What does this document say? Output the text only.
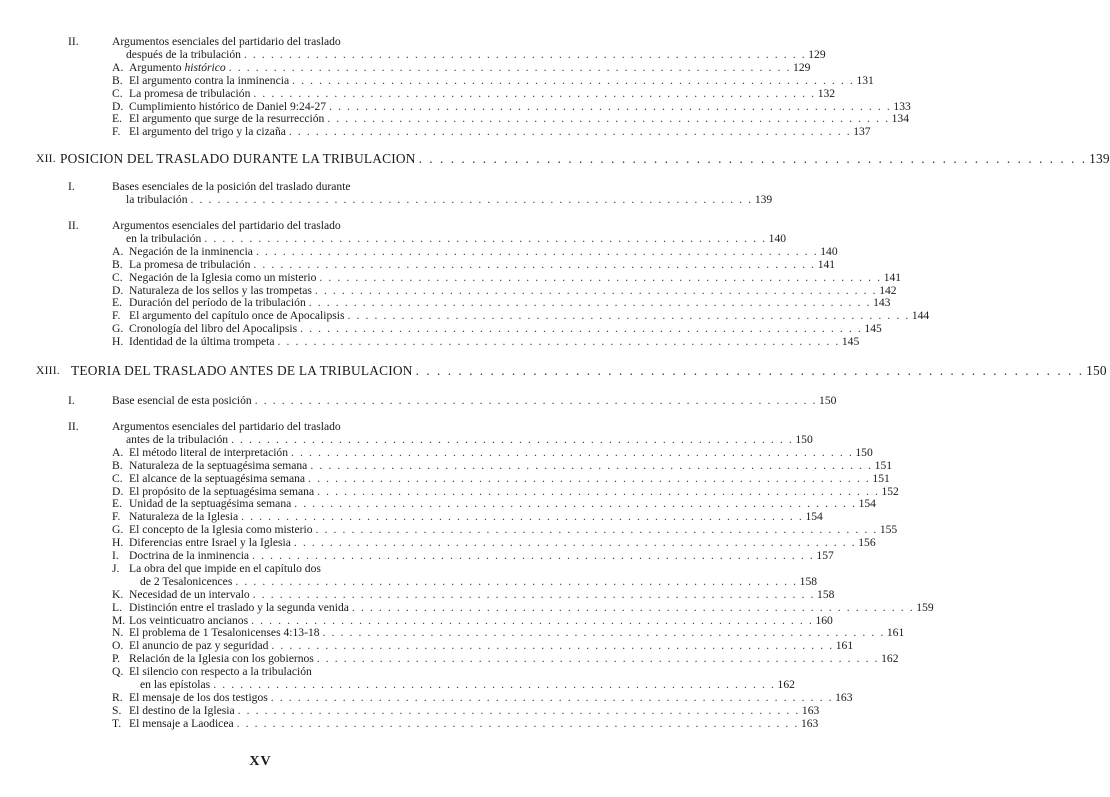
II.	Argumentos esenciales del partidario del traslado
después de la tribulación . . . . . . . . . . . . . . . . . . . . . . . . . . . . . . . . . . . . . . . . . . . . . . . . . . . . . . . . . . . . . . . 129
A. Argumento histórico . . . . . . . . . . . . . . . . . . . . . . . . . . . . . . . . . . . . . . . . . . . . . . . . . . . . . . . . . . . . . . . 129
B. El argumento contra la inminencia . . . . . . . . . . . . . . . . . . . . . . . . . . . . . . . . . . . . . . . . . . . . . . . . . . . . . . . . . . . . . . . 131
C. La promesa de tribulación . . . . . . . . . . . . . . . . . . . . . . . . . . . . . . . . . . . . . . . . . . . . . . . . . . . . . . . . . . . . . . . 132
D. Cumplimiento histórico de Daniel 9:24-27 . . . . . . . . . . . . . . . . . . . . . . . . . . . . . . . . . . . . . . . . . . . . . . . . . . . . . . . . . . . . . . . 133
E. El argumento que surge de la resurrección . . . . . . . . . . . . . . . . . . . . . . . . . . . . . . . . . . . . . . . . . . . . . . . . . . . . . . . . . . . . . . . 134
F. El argumento del trigo y la cizaña . . . . . . . . . . . . . . . . . . . . . . . . . . . . . . . . . . . . . . . . . . . . . . . . . . . . . . . . . . . . . . . 137
XII. POSICION DEL TRASLADO DURANTE LA TRIBULACION . . . . . . . . . . . . . . . . . . . . . . . . . . . . . . . . . . . . . . . . . . . . . . . . . . . . . . . . . . . . . . . 139
I.	Bases esenciales de la posición del traslado durante
la tribulación . . . . . . . . . . . . . . . . . . . . . . . . . . . . . . . . . . . . . . . . . . . . . . . . . . . . . . . . . . . . . . . 139
II.	Argumentos esenciales del partidario del traslado
en la tribulación . . . . . . . . . . . . . . . . . . . . . . . . . . . . . . . . . . . . . . . . . . . . . . . . . . . . . . . . . . . . . . . 140
A. Negación de la inminencia . . . . . . . . . . . . . . . . . . . . . . . . . . . . . . . . . . . . . . . . . . . . . . . . . . . . . . . . . . . . . . . 140
B. La promesa de tribulación . . . . . . . . . . . . . . . . . . . . . . . . . . . . . . . . . . . . . . . . . . . . . . . . . . . . . . . . . . . . . . . 141
C. Negación de la Iglesia como un misterio . . . . . . . . . . . . . . . . . . . . . . . . . . . . . . . . . . . . . . . . . . . . . . . . . . . . . . . . . . . . . . . 141
D. Naturaleza de los sellos y las trompetas . . . . . . . . . . . . . . . . . . . . . . . . . . . . . . . . . . . . . . . . . . . . . . . . . . . . . . . . . . . . . . . 142
E. Duración del período de la tribulación . . . . . . . . . . . . . . . . . . . . . . . . . . . . . . . . . . . . . . . . . . . . . . . . . . . . . . . . . . . . . . . 143
F. El argumento del capítulo once de Apocalipsis . . . . . . . . . . . . . . . . . . . . . . . . . . . . . . . . . . . . . . . . . . . . . . . . . . . . . . . . . . . . . . . 144
G. Cronología del libro del Apocalipsis . . . . . . . . . . . . . . . . . . . . . . . . . . . . . . . . . . . . . . . . . . . . . . . . . . . . . . . . . . . . . . . 145
H. Identidad de la última trompeta . . . . . . . . . . . . . . . . . . . . . . . . . . . . . . . . . . . . . . . . . . . . . . . . . . . . . . . . . . . . . . . 145
XIII. TEORIA DEL TRASLADO ANTES DE LA TRIBULACION . . . . . . . . . . . . . . . . . . . . . . . . . . . . . . . . . . . . . . . . . . . . . . . . . . . . . . . . . . . . . . . 150
I.	Base esencial de esta posición . . . . . . . . . . . . . . . . . . . . . . . . . . . . . . . . . . . . . . . . . . . . . . . . . . . . . . . . . . . . . . . 150
II.	Argumentos esenciales del partidario del traslado
antes de la tribulación . . . . . . . . . . . . . . . . . . . . . . . . . . . . . . . . . . . . . . . . . . . . . . . . . . . . . . . . . . . . . . . 150
A. El método literal de interpretación . . . . . . . . . . . . . . . . . . . . . . . . . . . . . . . . . . . . . . . . . . . . . . . . . . . . . . . . . . . . . . . 150
B. Naturaleza de la septuagésima semana . . . . . . . . . . . . . . . . . . . . . . . . . . . . . . . . . . . . . . . . . . . . . . . . . . . . . . . . . . . . . . . 151
C. El alcance de la septuagésima semana . . . . . . . . . . . . . . . . . . . . . . . . . . . . . . . . . . . . . . . . . . . . . . . . . . . . . . . . . . . . . . . 151
D. El propósito de la septuagésima semana . . . . . . . . . . . . . . . . . . . . . . . . . . . . . . . . . . . . . . . . . . . . . . . . . . . . . . . . . . . . . . . 152
E. Unidad de la septuagésima semana . . . . . . . . . . . . . . . . . . . . . . . . . . . . . . . . . . . . . . . . . . . . . . . . . . . . . . . . . . . . . . . 154
F. Naturaleza de la Iglesia . . . . . . . . . . . . . . . . . . . . . . . . . . . . . . . . . . . . . . . . . . . . . . . . . . . . . . . . . . . . . . . 154
G. El concepto de la Iglesia como misterio . . . . . . . . . . . . . . . . . . . . . . . . . . . . . . . . . . . . . . . . . . . . . . . . . . . . . . . . . . . . . . . 155
H. Diferencias entre Israel y la Iglesia . . . . . . . . . . . . . . . . . . . . . . . . . . . . . . . . . . . . . . . . . . . . . . . . . . . . . . . . . . . . . . . 156
I. Doctrina de la inminencia . . . . . . . . . . . . . . . . . . . . . . . . . . . . . . . . . . . . . . . . . . . . . . . . . . . . . . . . . . . . . . . 157
J. La obra del que impide en el capítulo dos
de 2 Tesalonicences . . . . . . . . . . . . . . . . . . . . . . . . . . . . . . . . . . . . . . . . . . . . . . . . . . . . . . . . . . . . . . . 158
K. Necesidad de un intervalo . . . . . . . . . . . . . . . . . . . . . . . . . . . . . . . . . . . . . . . . . . . . . . . . . . . . . . . . . . . . . . . 158
L. Distinción entre el traslado y la segunda venida . . . . . . . . . . . . . . . . . . . . . . . . . . . . . . . . . . . . . . . . . . . . . . . . . . . . . . . . . . . . . . . 159
M. Los veinticuatro ancianos . . . . . . . . . . . . . . . . . . . . . . . . . . . . . . . . . . . . . . . . . . . . . . . . . . . . . . . . . . . . . . . 160
N. El problema de 1 Tesalonicenses 4:13-18 . . . . . . . . . . . . . . . . . . . . . . . . . . . . . . . . . . . . . . . . . . . . . . . . . . . . . . . . . . . . . . . 161
O. El anuncio de paz y seguridad . . . . . . . . . . . . . . . . . . . . . . . . . . . . . . . . . . . . . . . . . . . . . . . . . . . . . . . . . . . . . . . 161
P. Relación de la Iglesia con los gobiernos . . . . . . . . . . . . . . . . . . . . . . . . . . . . . . . . . . . . . . . . . . . . . . . . . . . . . . . . . . . . . . . 162
Q. El silencio con respecto a la tribulación
en las epístolas . . . . . . . . . . . . . . . . . . . . . . . . . . . . . . . . . . . . . . . . . . . . . . . . . . . . . . . . . . . . . . . 162
R. El mensaje de los dos testigos . . . . . . . . . . . . . . . . . . . . . . . . . . . . . . . . . . . . . . . . . . . . . . . . . . . . . . . . . . . . . . . 163
S. El destino de la Iglesia . . . . . . . . . . . . . . . . . . . . . . . . . . . . . . . . . . . . . . . . . . . . . . . . . . . . . . . . . . . . . . . 163
T. El mensaje a Laodicea . . . . . . . . . . . . . . . . . . . . . . . . . . . . . . . . . . . . . . . . . . . . . . . . . . . . . . . . . . . . . . . 163
XV
